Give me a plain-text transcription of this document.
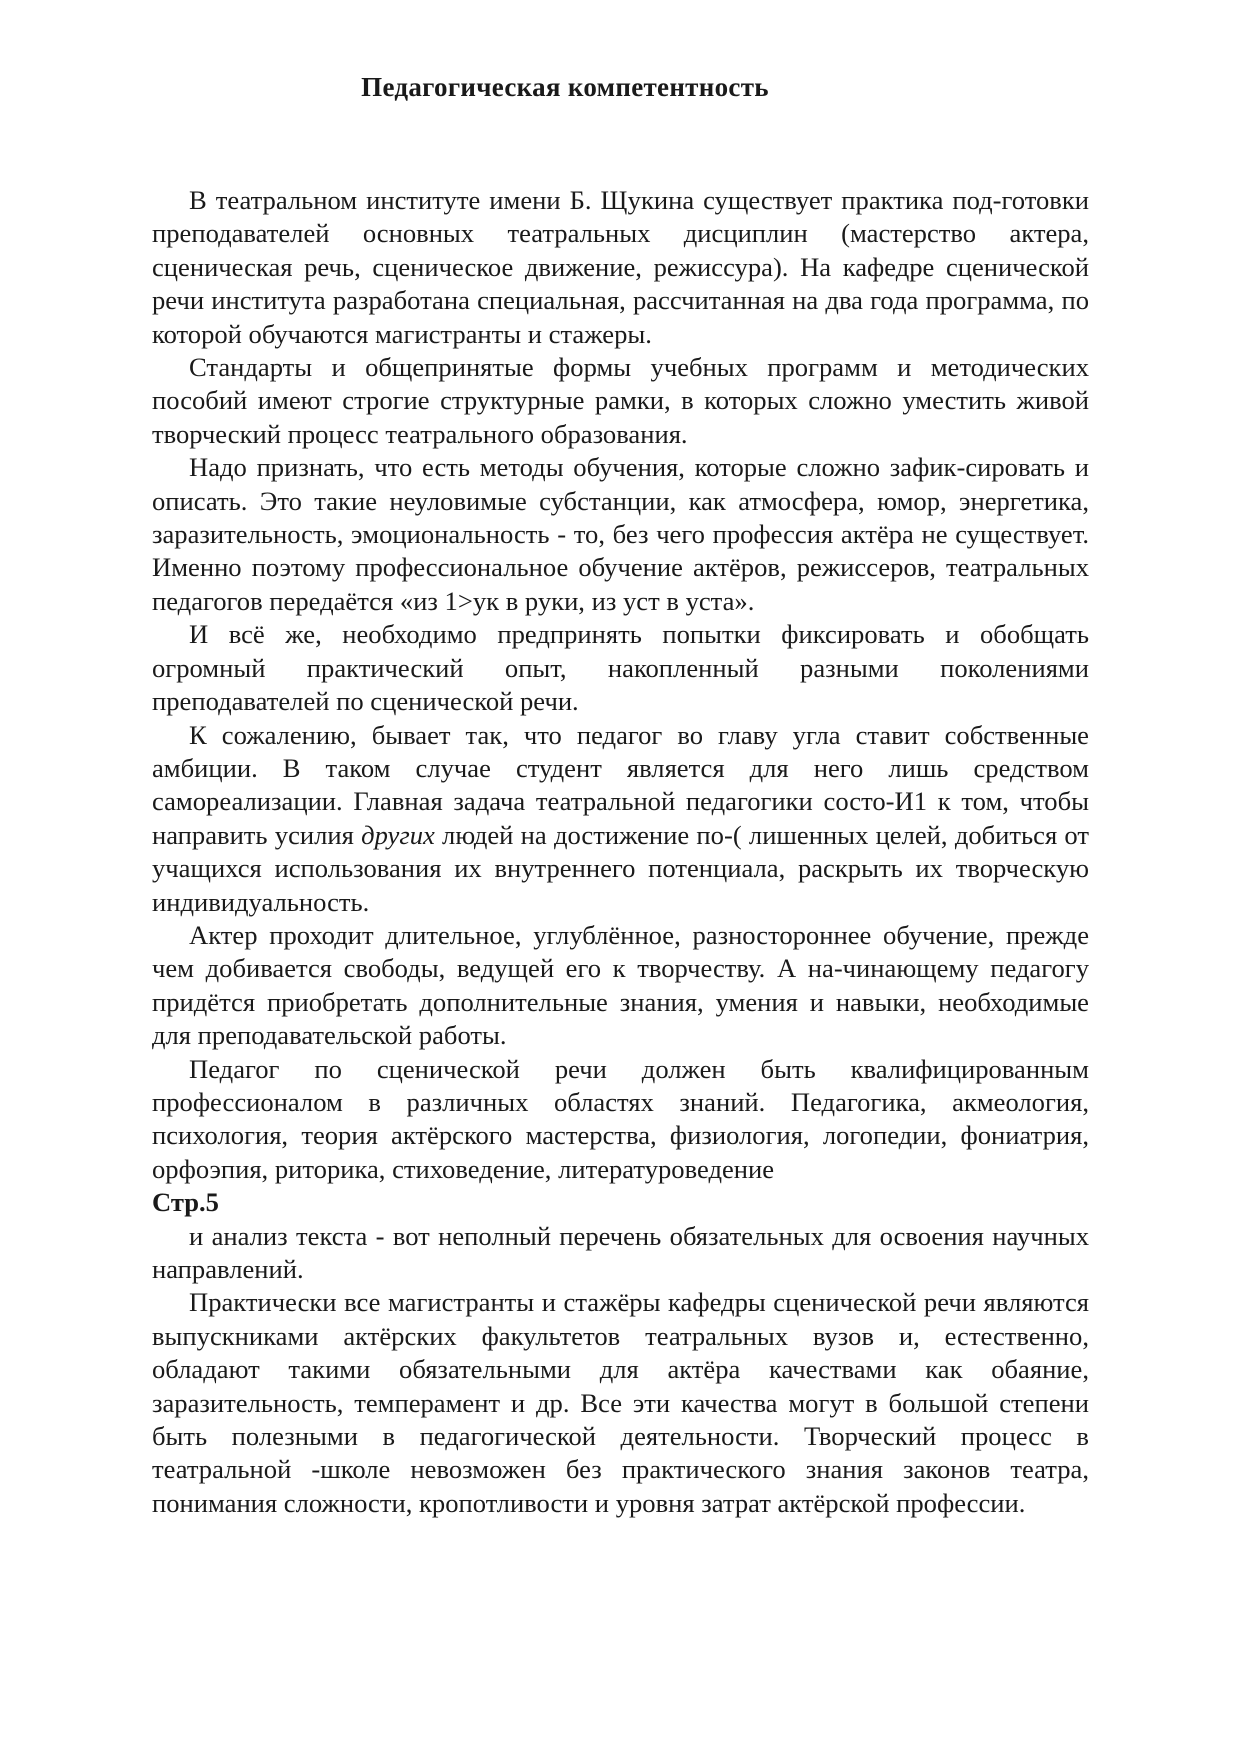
Педагогическая компетентность

В театральном институте имени Б. Щукина существует практика под-готовки преподавателей основных театральных дисциплин (мастерство актера, сценическая речь, сценическое движение, режиссура). На кафедре сценической речи института разработана специальная, рассчитанная на два года программа, по которой обучаются магистранты и стажеры.

Стандарты и общепринятые формы учебных программ и методических пособий имеют строгие структурные рамки, в которых сложно уместить живой творческий процесс театрального образования.

Надо признать, что есть методы обучения, которые сложно зафик-сировать и описать. Это такие неуловимые субстанции, как атмосфера, юмор, энергетика, заразительность, эмоциональность - то, без чего профессия актёра не существует. Именно поэтому профессиональное обучение актёров, режиссеров, театральных педагогов передаётся «из 1>ук в руки, из уст в уста».

И всё же, необходимо предпринять попытки фиксировать и обобщать огромный практический опыт, накопленный разными поколениями преподавателей по сценической речи.

К сожалению, бывает так, что педагог во главу угла ставит собственные амбиции. В таком случае студент является для него лишь средством самореализации. Главная задача театральной педагогики состо-И1 к том, чтобы направить усилия других людей на достижение по-( лишенных целей, добиться от учащихся использования их внутреннего потенциала, раскрыть их творческую индивидуальность.

Актер проходит длительное, углублённое, разностороннее обучение, прежде чем добивается свободы, ведущей его к творчеству. А на-чинающему педагогу придётся приобретать дополнительные знания, умения и навыки, необходимые для преподавательской работы.

Педагог по сценической речи должен быть квалифицированным профессионалом в различных областях знаний. Педагогика, акмеология, психология, теория актёрского мастерства, физиология, логопедии, фониатрия, орфоэпия, риторика, стиховедение, литературоведение

Стр.5

и анализ текста - вот неполный перечень обязательных для освоения научных направлений.

Практически все магистранты и стажёры кафедры сценической речи являются выпускниками актёрских факультетов театральных вузов и, естественно, обладают такими обязательными для актёра качествами как обаяние, заразительность, темперамент и др. Все эти качества могут в большой степени быть полезными в педагогической деятельности. Творческий процесс в театральной -школе невозможен без практического знания законов театра, понимания сложности, кропотливости и уровня затрат актёрской профессии.
